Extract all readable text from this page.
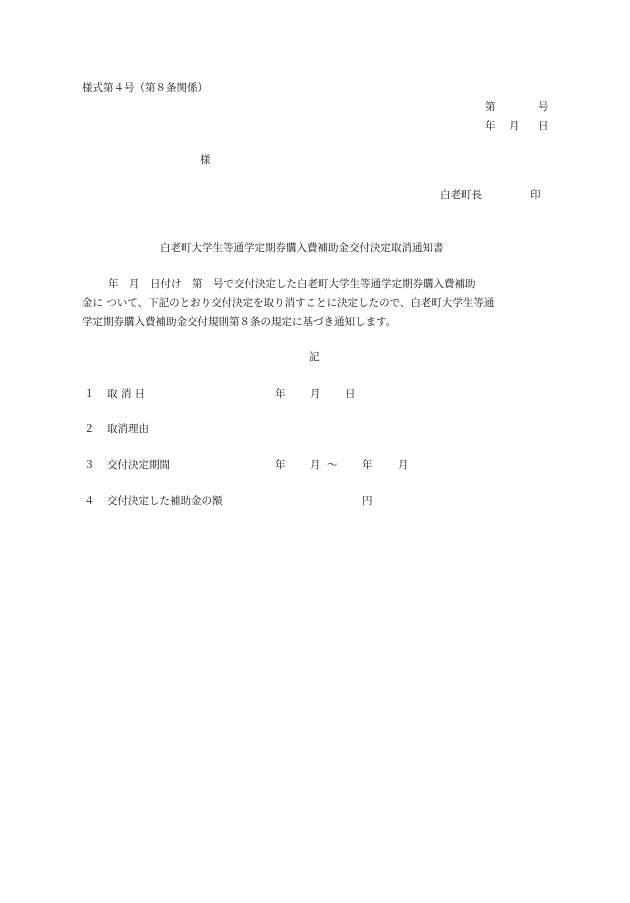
様式第４号（第８条関係）
第	号
年 月 日
様
白老町長	印
白老町大学生等通学定期券購入費補助金交付決定取消通知書
年　月　日付け　第　号で交付決定した白老町大学生等通学定期券購入費補助
金に ついて、下記のとおり交付決定を取り消すことに決定したので、白老町大学生等通
学定期券購入費補助金交付規則第８条の規定に基づき通知します。
記
１ 取 消 日	年 月 日
２ 取消理由
３ 交付決定期間	年 月 〜 年 月
４ 交付決定した補助金の額	円
